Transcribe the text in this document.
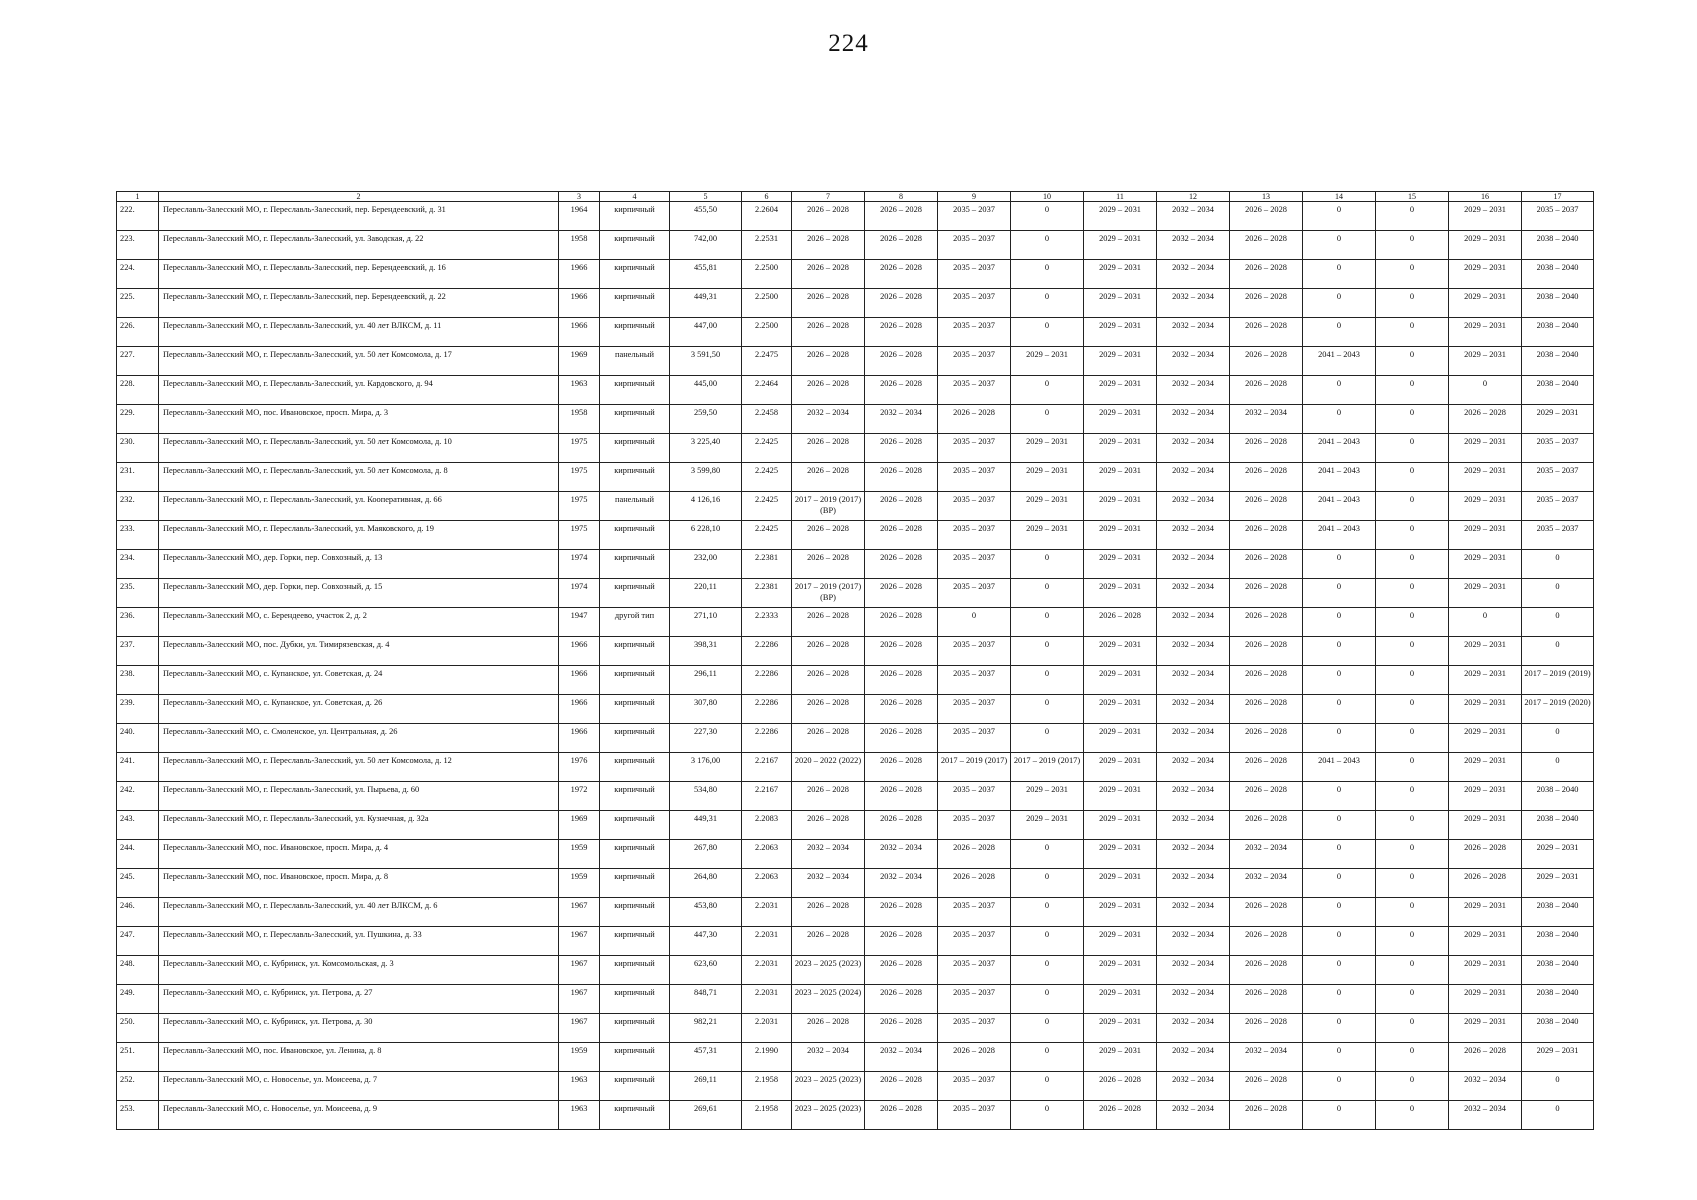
224
1	2	3	4	5	6	7	8	9	10	11	12	13	14	15	16	17
222.	Переславль-Залесский МО, г. Переславль-Залесский, пер. Берендеевский, д. 31	1964	кирпичный	455,50	2.2604	2026 – 2028	2026 – 2028	2035 – 2037	0	2029 – 2031	2032 – 2034	2026 – 2028	0	0	2029 – 2031	2035 – 2037
223.	Переславль-Залесский МО, г. Переславль-Залесский, ул. Заводская, д. 22	1958	кирпичный	742,00	2.2531	2026 – 2028	2026 – 2028	2035 – 2037	0	2029 – 2031	2032 – 2034	2026 – 2028	0	0	2029 – 2031	2038 – 2040
224.	Переславль-Залесский МО, г. Переславль-Залесский, пер. Берендеевский, д. 16	1966	кирпичный	455,81	2.2500	2026 – 2028	2026 – 2028	2035 – 2037	0	2029 – 2031	2032 – 2034	2026 – 2028	0	0	2029 – 2031	2038 – 2040
225.	Переславль-Залесский МО, г. Переславль-Залесский, пер. Берендеевский, д. 22	1966	кирпичный	449,31	2.2500	2026 – 2028	2026 – 2028	2035 – 2037	0	2029 – 2031	2032 – 2034	2026 – 2028	0	0	2029 – 2031	2038 – 2040
226.	Переславль-Залесский МО, г. Переславль-Залесский, ул. 40 лет ВЛКСМ, д. 11	1966	кирпичный	447,00	2.2500	2026 – 2028	2026 – 2028	2035 – 2037	0	2029 – 2031	2032 – 2034	2026 – 2028	0	0	2029 – 2031	2038 – 2040
227.	Переславль-Залесский МО, г. Переславль-Залесский, ул. 50 лет Комсомола, д. 17	1969	панельный	3 591,50	2.2475	2026 – 2028	2026 – 2028	2035 – 2037	2029 – 2031	2029 – 2031	2032 – 2034	2026 – 2028	2041 – 2043	0	2029 – 2031	2038 – 2040
228.	Переславль-Залесский МО, г. Переславль-Залесский, ул. Кардовского, д. 94	1963	кирпичный	445,00	2.2464	2026 – 2028	2026 – 2028	2035 – 2037	0	2029 – 2031	2032 – 2034	2026 – 2028	0	0	0	2038 – 2040
229.	Переславль-Залесский МО, пос. Ивановское, просп. Мира, д. 3	1958	кирпичный	259,50	2.2458	2032 – 2034	2032 – 2034	2026 – 2028	0	2029 – 2031	2032 – 2034	2032 – 2034	0	0	2026 – 2028	2029 – 2031
230.	Переславль-Залесский МО, г. Переславль-Залесский, ул. 50 лет Комсомола, д. 10	1975	кирпичный	3 225,40	2.2425	2026 – 2028	2026 – 2028	2035 – 2037	2029 – 2031	2029 – 2031	2032 – 2034	2026 – 2028	2041 – 2043	0	2029 – 2031	2035 – 2037
231.	Переславль-Залесский МО, г. Переславль-Залесский, ул. 50 лет Комсомола, д. 8	1975	кирпичный	3 599,80	2.2425	2026 – 2028	2026 – 2028	2035 – 2037	2029 – 2031	2029 – 2031	2032 – 2034	2026 – 2028	2041 – 2043	0	2029 – 2031	2035 – 2037
232.	Переславль-Залесский МО, г. Переславль-Залесский, ул. Кооперативная, д. 66	1975	панельный	4 126,16	2.2425	2017 – 2019 (2017) (ВР)	2026 – 2028	2035 – 2037	2029 – 2031	2029 – 2031	2032 – 2034	2026 – 2028	2041 – 2043	0	2029 – 2031	2035 – 2037
233.	Переславль-Залесский МО, г. Переславль-Залесский, ул. Маяковского, д. 19	1975	кирпичный	6 228,10	2.2425	2026 – 2028	2026 – 2028	2035 – 2037	2029 – 2031	2029 – 2031	2032 – 2034	2026 – 2028	2041 – 2043	0	2029 – 2031	2035 – 2037
234.	Переславль-Залесский МО, дер. Горки, пер. Совхозный, д. 13	1974	кирпичный	232,00	2.2381	2026 – 2028	2026 – 2028	2035 – 2037	0	2029 – 2031	2032 – 2034	2026 – 2028	0	0	2029 – 2031	0
235.	Переславль-Залесский МО, дер. Горки, пер. Совхозный, д. 15	1974	кирпичный	220,11	2.2381	2017 – 2019 (2017) (ВР)	2026 – 2028	2035 – 2037	0	2029 – 2031	2032 – 2034	2026 – 2028	0	0	2029 – 2031	0
236.	Переславль-Залесский МО, с. Берендеево, участок 2, д. 2	1947	другой тип	271,10	2.2333	2026 – 2028	2026 – 2028	0	0	2026 – 2028	2032 – 2034	2026 – 2028	0	0	0	0
237.	Переславль-Залесский МО, пос. Дубки, ул. Тимирязевская, д. 4	1966	кирпичный	398,31	2.2286	2026 – 2028	2026 – 2028	2035 – 2037	0	2029 – 2031	2032 – 2034	2026 – 2028	0	0	2029 – 2031	0
238.	Переславль-Залесский МО, с. Купанское, ул. Советская, д. 24	1966	кирпичный	296,11	2.2286	2026 – 2028	2026 – 2028	2035 – 2037	0	2029 – 2031	2032 – 2034	2026 – 2028	0	0	2029 – 2031	2017 – 2019 (2019)
239.	Переславль-Залесский МО, с. Купанское, ул. Советская, д. 26	1966	кирпичный	307,80	2.2286	2026 – 2028	2026 – 2028	2035 – 2037	0	2029 – 2031	2032 – 2034	2026 – 2028	0	0	2029 – 2031	2017 – 2019 (2020)
240.	Переславль-Залесский МО, с. Смоленское, ул. Центральная, д. 26	1966	кирпичный	227,30	2.2286	2026 – 2028	2026 – 2028	2035 – 2037	0	2029 – 2031	2032 – 2034	2026 – 2028	0	0	2029 – 2031	0
241.	Переславль-Залесский МО, г. Переславль-Залесский, ул. 50 лет Комсомола, д. 12	1976	кирпичный	3 176,00	2.2167	2020 – 2022 (2022)	2026 – 2028	2017 – 2019 (2017)	2017 – 2019 (2017)	2029 – 2031	2032 – 2034	2026 – 2028	2041 – 2043	0	2029 – 2031	0
242.	Переславль-Залесский МО, г. Переславль-Залесский, ул. Пырьева, д. 60	1972	кирпичный	534,80	2.2167	2026 – 2028	2026 – 2028	2035 – 2037	2029 – 2031	2029 – 2031	2032 – 2034	2026 – 2028	0	0	2029 – 2031	2038 – 2040
243.	Переславль-Залесский МО, г. Переславль-Залесский, ул. Кузнечная, д. 32а	1969	кирпичный	449,31	2.2083	2026 – 2028	2026 – 2028	2035 – 2037	2029 – 2031	2029 – 2031	2032 – 2034	2026 – 2028	0	0	2029 – 2031	2038 – 2040
244.	Переславль-Залесский МО, пос. Ивановское, просп. Мира, д. 4	1959	кирпичный	267,80	2.2063	2032 – 2034	2032 – 2034	2026 – 2028	0	2029 – 2031	2032 – 2034	2032 – 2034	0	0	2026 – 2028	2029 – 2031
245.	Переславль-Залесский МО, пос. Ивановское, просп. Мира, д. 8	1959	кирпичный	264,80	2.2063	2032 – 2034	2032 – 2034	2026 – 2028	0	2029 – 2031	2032 – 2034	2032 – 2034	0	0	2026 – 2028	2029 – 2031
246.	Переславль-Залесский МО, г. Переславль-Залесский, ул. 40 лет ВЛКСМ, д. 6	1967	кирпичный	453,80	2.2031	2026 – 2028	2026 – 2028	2035 – 2037	0	2029 – 2031	2032 – 2034	2026 – 2028	0	0	2029 – 2031	2038 – 2040
247.	Переславль-Залесский МО, г. Переславль-Залесский, ул. Пушкина, д. 33	1967	кирпичный	447,30	2.2031	2026 – 2028	2026 – 2028	2035 – 2037	0	2029 – 2031	2032 – 2034	2026 – 2028	0	0	2029 – 2031	2038 – 2040
248.	Переславль-Залесский МО, с. Кубринск, ул. Комсомольская, д. 3	1967	кирпичный	623,60	2.2031	2023 – 2025 (2023)	2026 – 2028	2035 – 2037	0	2029 – 2031	2032 – 2034	2026 – 2028	0	0	2029 – 2031	2038 – 2040
249.	Переславль-Залесский МО, с. Кубринск, ул. Петрова, д. 27	1967	кирпичный	848,71	2.2031	2023 – 2025 (2024)	2026 – 2028	2035 – 2037	0	2029 – 2031	2032 – 2034	2026 – 2028	0	0	2029 – 2031	2038 – 2040
250.	Переславль-Залесский МО, с. Кубринск, ул. Петрова, д. 30	1967	кирпичный	982,21	2.2031	2026 – 2028	2026 – 2028	2035 – 2037	0	2029 – 2031	2032 – 2034	2026 – 2028	0	0	2029 – 2031	2038 – 2040
251.	Переславль-Залесский МО, пос. Ивановское, ул. Ленина, д. 8	1959	кирпичный	457,31	2.1990	2032 – 2034	2032 – 2034	2026 – 2028	0	2029 – 2031	2032 – 2034	2032 – 2034	0	0	2026 – 2028	2029 – 2031
252.	Переславль-Залесский МО, с. Новоселье, ул. Моисеева, д. 7	1963	кирпичный	269,11	2.1958	2023 – 2025 (2023)	2026 – 2028	2035 – 2037	0	2026 – 2028	2032 – 2034	2026 – 2028	0	0	2032 – 2034	0
253.	Переславль-Залесский МО, с. Новоселье, ул. Моисеева, д. 9	1963	кирпичный	269,61	2.1958	2023 – 2025 (2023)	2026 – 2028	2035 – 2037	0	2026 – 2028	2032 – 2034	2026 – 2028	0	0	2032 – 2034	0
